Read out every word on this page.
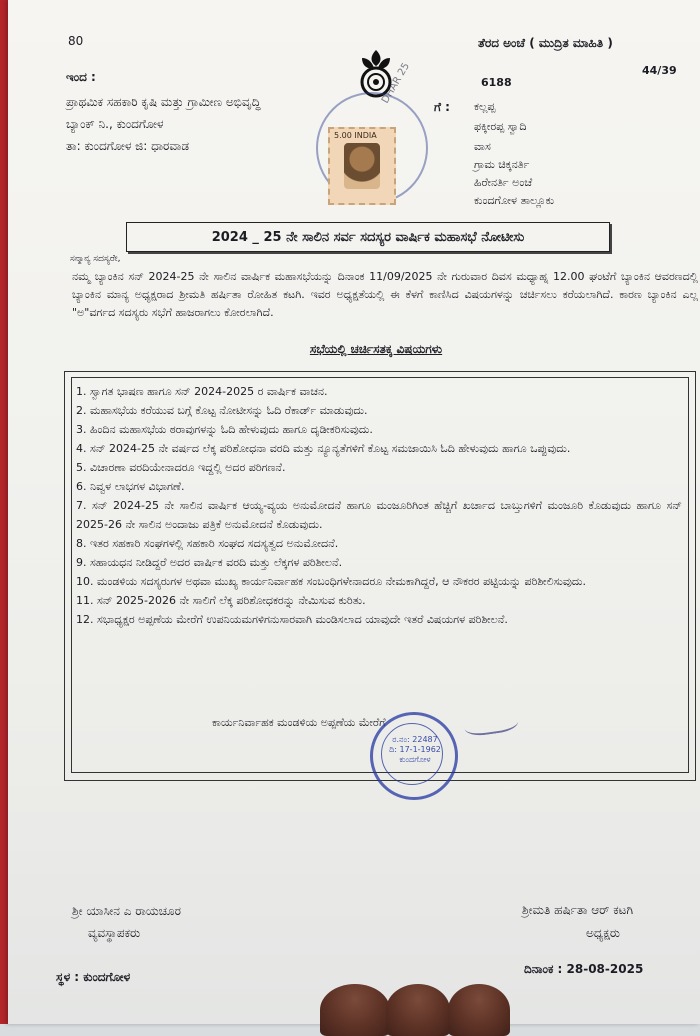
80	ತೆರದ ಅಂಚೆ ( ಮುದ್ರಿತ ಮಾಹಿತಿ )
44/39
6188
ಇಂದ :
ಪ್ರಾಥಮಿಕ ಸಹಕಾರಿ ಕೃಷಿ ಮತ್ತು ಗ್ರಾಮೀಣ ಅಭಿವೃದ್ಧಿ
ಬ್ಯಾಂಕ್ ನಿ., ಕುಂದಗೋಳ
ತಾ: ಕುಂದಗೋಳ ಜಿ: ಧಾರವಾಡ
DHAR 25
5.00 INDIA
ಗೆ : ಕಲ್ಲಪ್ಪ
ಫಕ್ಕೀರಪ್ಪ ಸ್ವಾದಿ
ವಾಸ
ಗ್ರಾಮ ಚಿಕ್ಕನರ್ತಿ
ಹಿರೇನರ್ತಿ ಅಂಚೆ
ಕುಂದಗೋಳ ತಾಲ್ಲೂಕು
2024 _ 25 ನೇ ಸಾಲಿನ ಸರ್ವ ಸದಸ್ಯರ ವಾರ್ಷಿಕ ಮಹಾಸಭೆ ನೋಟೀಸು
ಸನ್ಮಾನ್ಯ ಸದಸ್ಯರೇ,
ನಮ್ಮ ಬ್ಯಾಂಕಿನ ಸನ್ 2024-25 ನೇ ಸಾಲಿನ ವಾರ್ಷಿಕ ಮಹಾಸಭೆಯನ್ನು ದಿನಾಂಕ 11/09/2025 ನೇ ಗುರುವಾರ ದಿವಸ ಮಧ್ಯಾಹ್ನ 12.00 ಘಂಟೆಗೆ ಬ್ಯಾಂಕಿನ ಆವರಣದಲ್ಲಿ ಬ್ಯಾಂಕಿನ ಮಾನ್ಯ ಅಧ್ಯಕ್ಷರಾದ ಶ್ರೀಮತಿ ಹರ್ಷಿತಾ ರೋಹಿತ ಕಟಗಿ. ಇವರ ಅಧ್ಯಕ್ಷತೆಯಲ್ಲಿ ಈ ಕೆಳಗೆ ಕಾಣಿಸಿದ ವಿಷಯಗಳನ್ನು ಚರ್ಚಿಸಲು ಕರೆಯಲಾಗಿದೆ. ಕಾರಣ ಬ್ಯಾಂಕಿನ ಎಲ್ಲ "ಅ"ವರ್ಗದ ಸದಸ್ಯರು ಸಭೆಗೆ ಹಾಜರಾಗಲು ಕೋರಲಾಗಿದೆ.
ಸಭೆಯಲ್ಲಿ ಚರ್ಚಿಸತಕ್ಕ ವಿಷಯಗಳು
1. ಸ್ವಾಗತ ಭಾಷಣ ಹಾಗೂ ಸನ್ 2024-2025 ರ ವಾರ್ಷಿಕ ವಾಚನ.
2. ಮಹಾಸಭೆಯ ಕರೆಯುವ ಬಗ್ಗೆ ಕೊಟ್ಟ ನೋಟೀಸನ್ನು ಓದಿ ರೆಕಾರ್ಡ್ ಮಾಡುವುದು.
3. ಹಿಂದಿನ ಮಹಾಸಭೆಯ ಠರಾವುಗಳನ್ನು ಓದಿ ಹೇಳುವುದು ಹಾಗೂ ದೃಡೀಕರಿಸುವುದು.
4. ಸನ್ 2024-25 ನೇ ವರ್ಷದ ಲೆಕ್ಕ ಪರಿಶೋಧನಾ ವರದಿ ಮತ್ತು ನ್ಯೂನ್ಯತೆಗಳಿಗೆ ಕೊಟ್ಟ ಸಮಜಾಯಿಸಿ ಓದಿ ಹೇಳುವುದು ಹಾಗೂ ಒಪ್ಪುವುದು.
5. ವಿಚಾರಣಾ ವರದಿಯೇನಾದರೂ ಇದ್ದಲ್ಲಿ ಅದರ ಪರಿಗಣನೆ.
6. ನಿವ್ವಳ ಲಾಭಗಳ ವಿಭಾಗಣೆ.
7. ಸನ್ 2024-25 ನೇ ಸಾಲಿನ ವಾರ್ಷಿಕ ಆಯ್ಯ-ವ್ಯಯ ಅನುಮೋದನೆ ಹಾಗೂ ಮಂಜೂರಿಗಿಂತ ಹೆಚ್ಚಿಗೆ ಖರ್ಚಾದ ಬಾಬ್ತುಗಳಿಗೆ ಮಂಜೂರಿ ಕೊಡುವುದು ಹಾಗೂ ಸನ್ 2025-26 ನೇ ಸಾಲಿನ ಅಂದಾಜು ಪತ್ರಿಕೆ ಅನುಮೋದನೆ ಕೊಡುವುದು.
8. ಇತರ ಸಹಕಾರಿ ಸಂಘಗಳಲ್ಲಿ ಸಹಕಾರಿ ಸಂಘದ ಸದಸ್ಯತ್ವದ ಅನುಮೋದನೆ.
9. ಸಹಾಯಧನ ನೀಡಿದ್ದರೆ ಅದರ ವಾರ್ಷಿಕ ವರದಿ ಮತ್ತು ಲೆಕ್ಕಗಳ ಪರಿಶೀಲನೆ.
10. ಮಂಡಳಿಯ ಸದಸ್ಯರುಗಳ ಅಥವಾ ಮುಖ್ಯ ಕಾರ್ಯನಿರ್ವಾಹಕ ಸಂಬಂಧಿಗಳೇನಾದರೂ ನೇಮಕಾಗಿದ್ದರೆ, ಆ ನೌಕರರ ಪಟ್ಟಿಯನ್ನು ಪರಿಶೀಲಿಸುವುದು.
11. ಸನ್ 2025-2026 ನೇ ಸಾಲಿಗೆ ಲೆಕ್ಕ ಪರಿಶೋಧಕರನ್ನು ನೇಮಿಸುವ ಕುರಿತು.
12. ಸಭಾಧ್ಯಕ್ಷರ ಅಪ್ಪಣೆಯ ಮೇರೆಗೆ ಉಪನಿಯಮಗಳಿಗನುಸಾರವಾಗಿ ಮಂಡಿಸಲಾದ ಯಾವುದೇ ಇತರೆ ವಿಷಯಗಳ ಪರಿಶೀಲನೆ.
ಕಾರ್ಯನಿರ್ವಾಹಕ ಮಂಡಳಿಯ ಅಪ್ಪಣೆಯ ಮೇರೆಗೆ
ರ.ನಂ: 22487
ದಿ: 17-1-1962
ಕುಂದಗೋಳ
ಶ್ರೀ ಯಾಸೀನ ಎ ರಾಯಚೂರ
ವ್ಯವಸ್ಥಾಪಕರು
ಶ್ರೀಮತಿ ಹರ್ಷಿತಾ ಆರ್ ಕಟಗಿ
ಅಧ್ಯಕ್ಷರು
ಸ್ಥಳ : ಕುಂದಗೋಳ
ದಿನಾಂಕ : 28-08-2025
